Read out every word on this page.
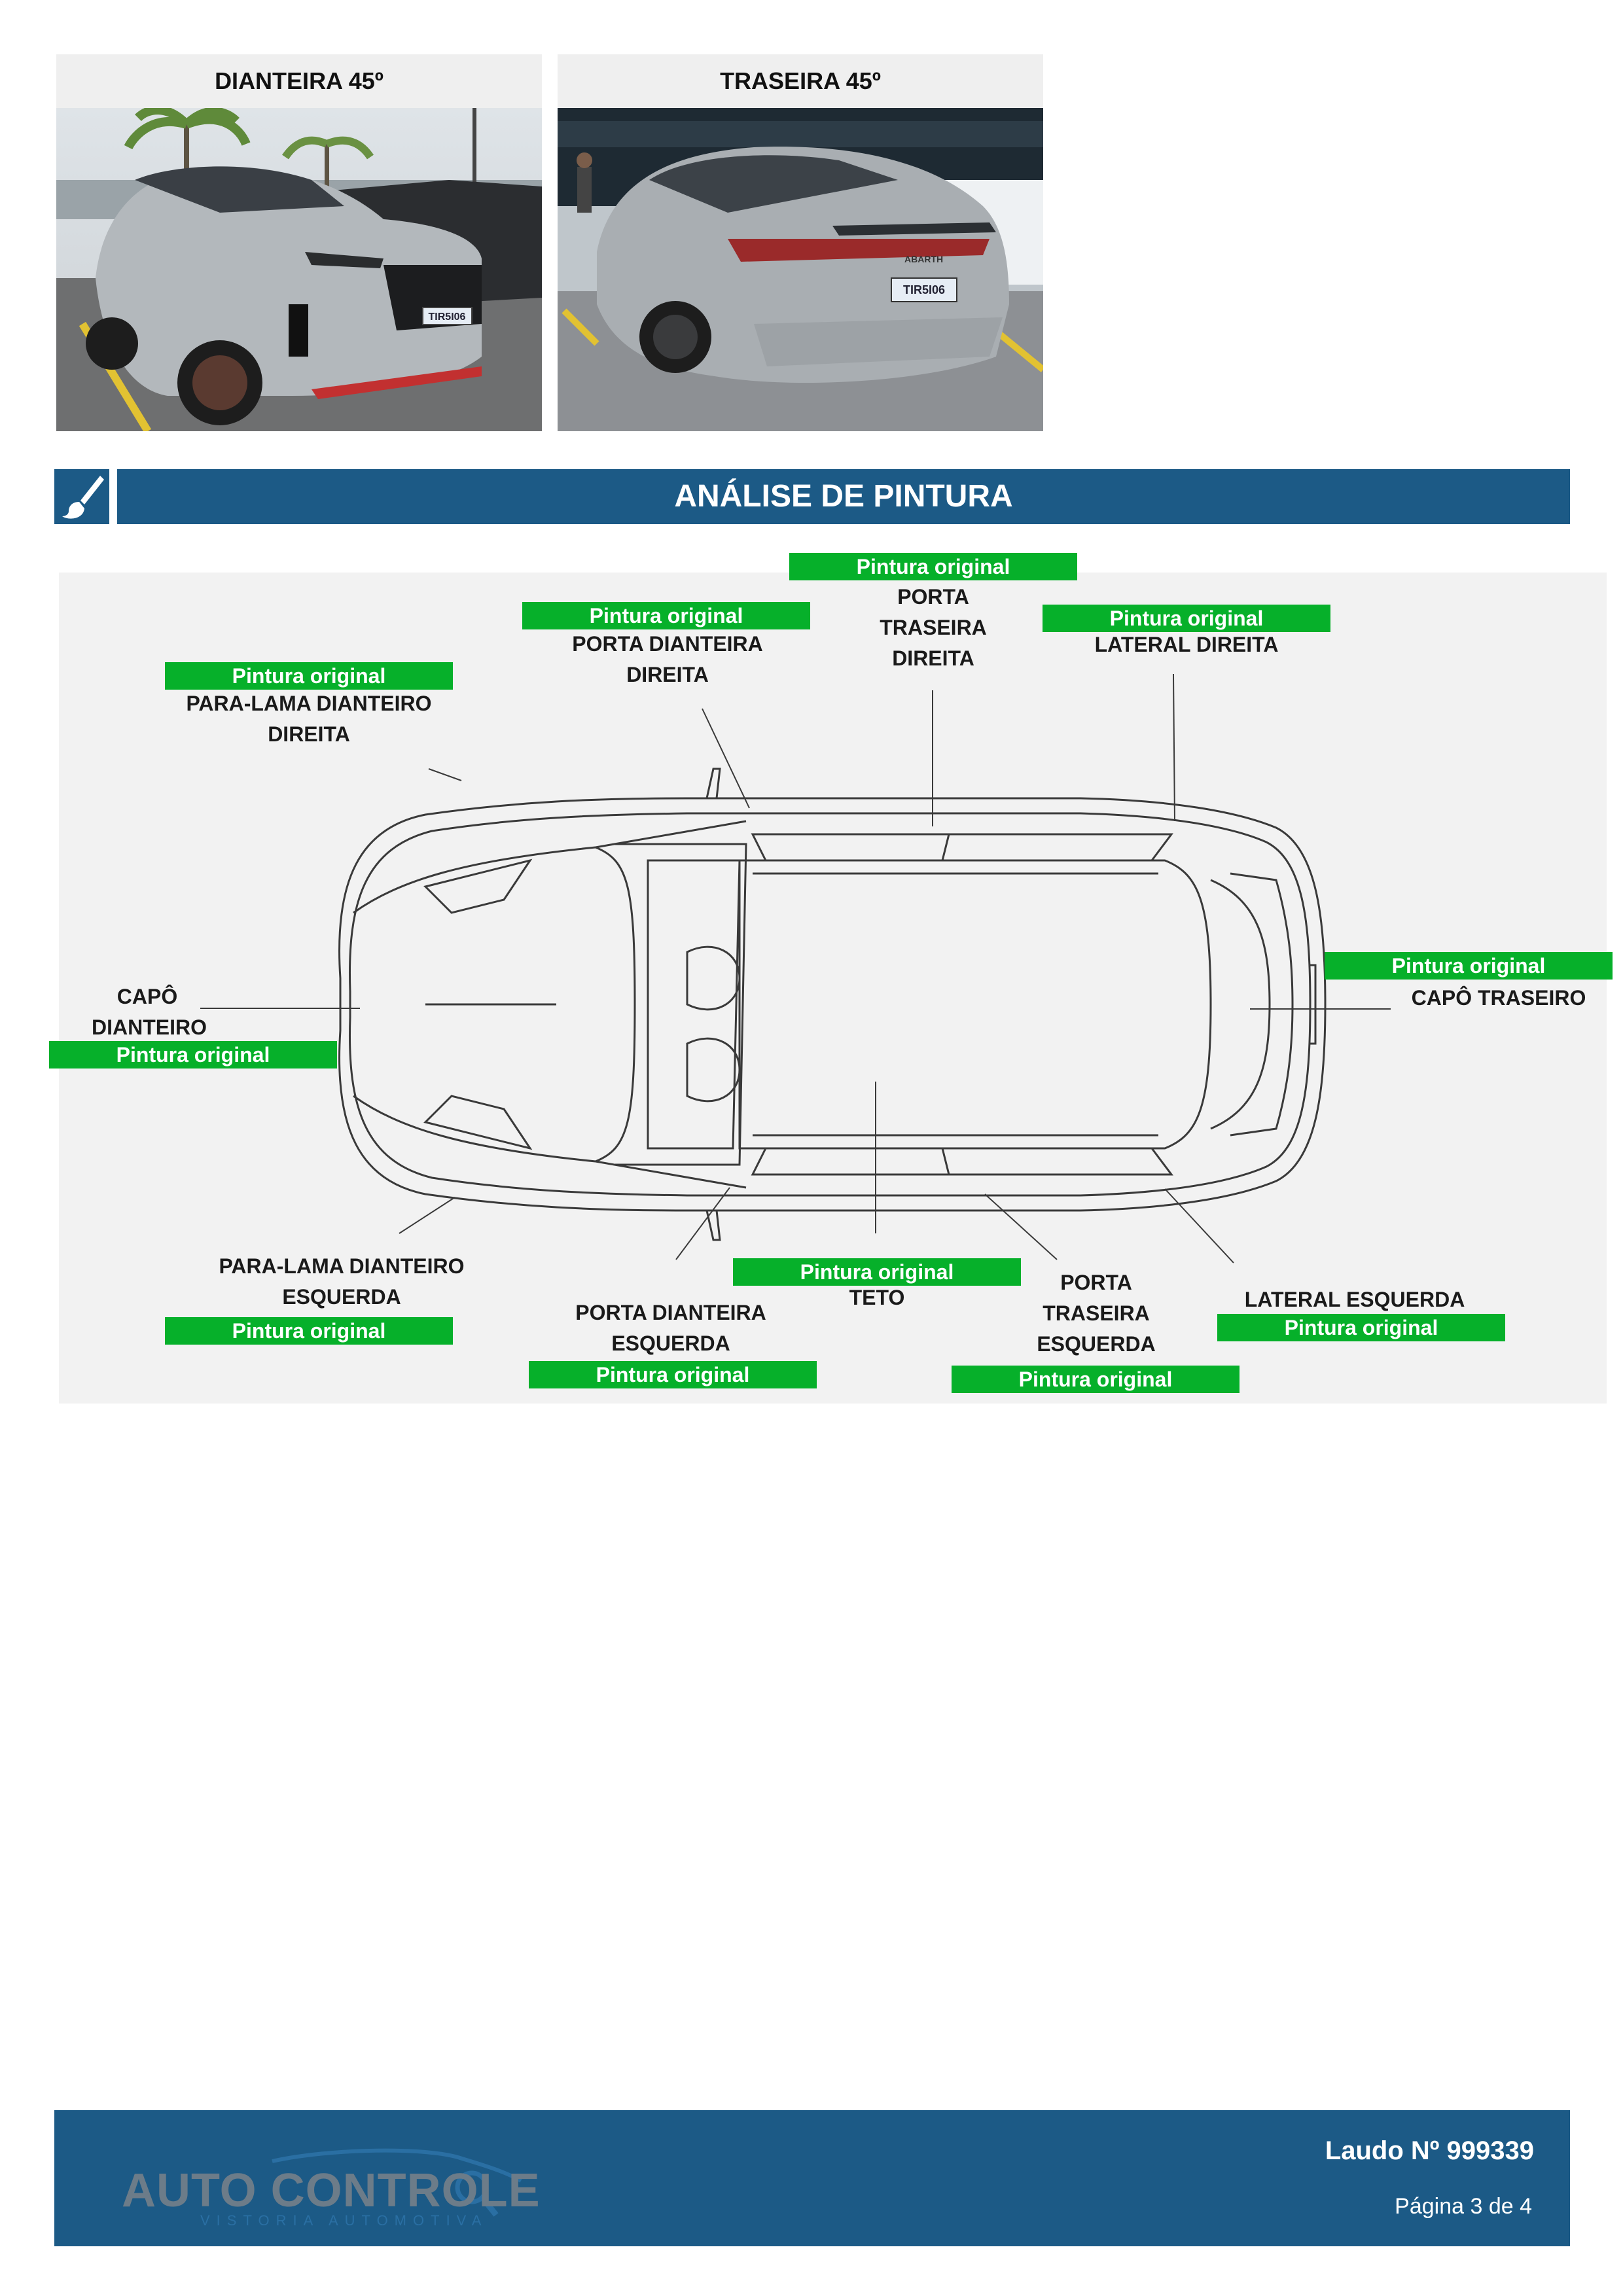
DIANTEIRA 45º
TIR5I06
TRASEIRA 45º
ABARTH
TIR5I06
ANÁLISE DE PINTURA
Pintura original
PORTA TRASEIRA DIREITA
Pintura original
PORTA DIANTEIRA DIREITA
Pintura original
LATERAL DIREITA
Pintura original
PARA-LAMA DIANTEIRO DIREITA
Pintura original
CAPÔ TRASEIRO
CAPÔ DIANTEIRO
Pintura original
Pintura original
TETO
PARA-LAMA DIANTEIRO ESQUERDA
Pintura original
PORTA DIANTEIRA ESQUERDA
Pintura original
PORTA TRASEIRA ESQUERDA
Pintura original
LATERAL ESQUERDA
Pintura original
AUTO CONTROLE
VISTORIA AUTOMOTIVA
Laudo Nº 999339
Página 3 de 4
